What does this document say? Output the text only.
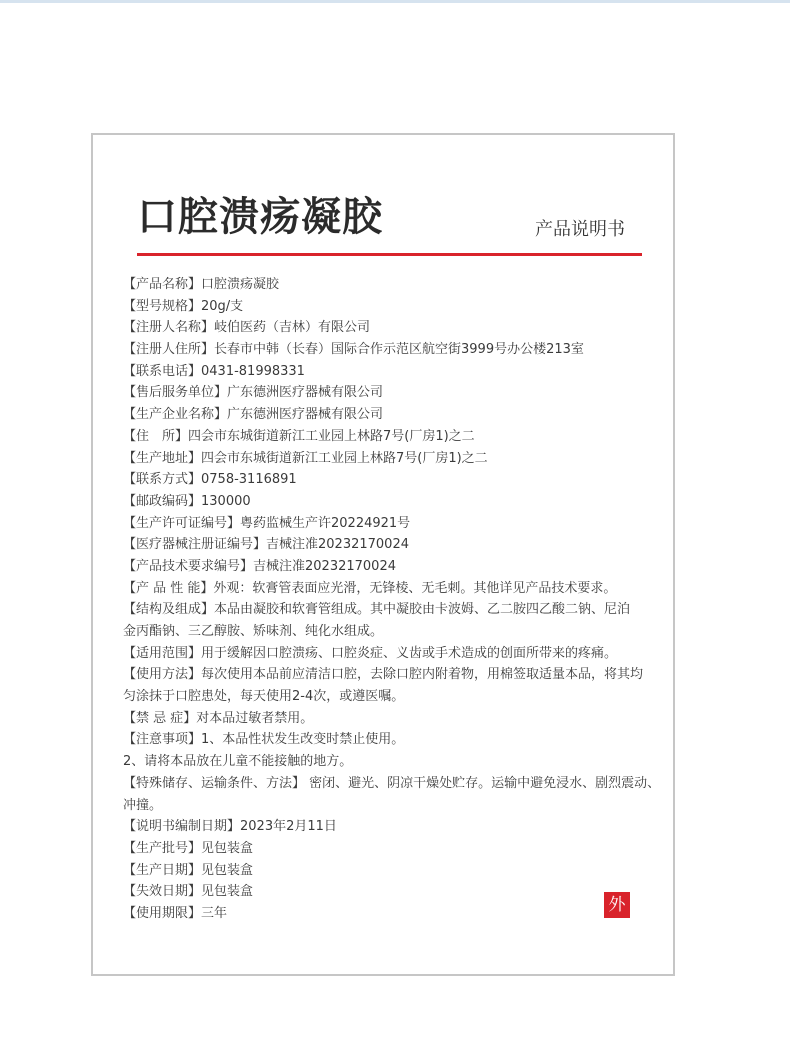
口腔溃疡凝胶	产品说明书
【产品名称】口腔溃疡凝胶
【型号规格】20g/支
【注册人名称】岐伯医药（吉林）有限公司
【注册人住所】长春市中韩（长春）国际合作示范区航空街3999号办公楼213室
【联系电话】0431-81998331
【售后服务单位】广东德洲医疗器械有限公司
【生产企业名称】广东德洲医疗器械有限公司
【住　所】四会市东城街道新江工业园上林路7号(厂房1)之二
【生产地址】四会市东城街道新江工业园上林路7号(厂房1)之二
【联系方式】0758-3116891
【邮政编码】130000
【生产许可证编号】粤药监械生产许20224921号
【医疗器械注册证编号】吉械注准20232170024
【产品技术要求编号】吉械注准20232170024
【产 品 性 能】外观：软膏管表面应光滑，无锋棱、无毛刺。其他详见产品技术要求。
【结构及组成】本品由凝胶和软膏管组成。其中凝胶由卡波姆、乙二胺四乙酸二钠、尼泊
金丙酯钠、三乙醇胺、矫味剂、纯化水组成。
【适用范围】用于缓解因口腔溃疡、口腔炎症、义齿或手术造成的创面所带来的疼痛。
【使用方法】每次使用本品前应清洁口腔，去除口腔内附着物，用棉签取适量本品，将其均
匀涂抹于口腔患处，每天使用2-4次，或遵医嘱。
【禁 忌 症】对本品过敏者禁用。
【注意事项】1、本品性状发生改变时禁止使用。
2、请将本品放在儿童不能接触的地方。
【特殊储存、运输条件、方法】 密闭、避光、阴凉干燥处贮存。运输中避免浸水、剧烈震动、
冲撞。
【说明书编制日期】2023年2月11日
【生产批号】见包装盒
【生产日期】见包装盒
【失效日期】见包装盒
【使用期限】三年	外
